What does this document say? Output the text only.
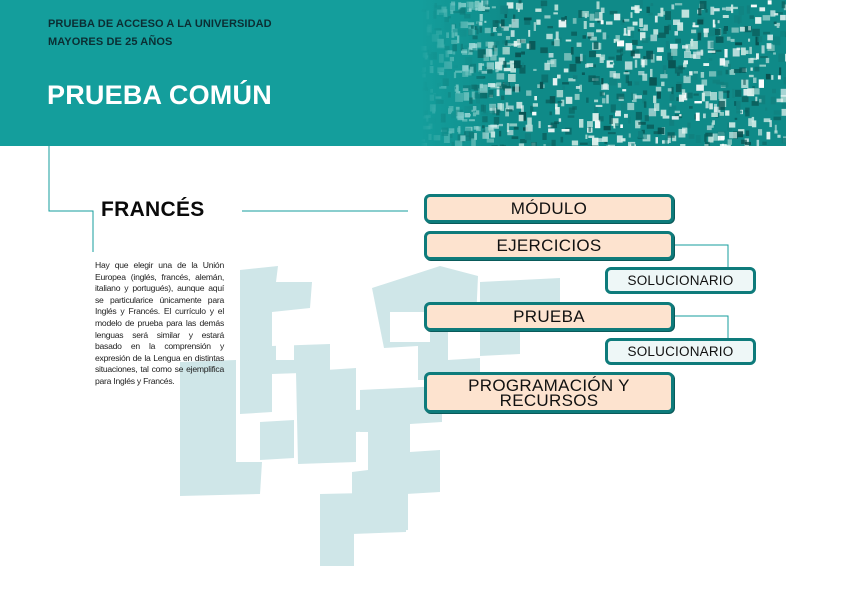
PRUEBA DE ACCESO A LA UNIVERSIDAD
MAYORES DE 25 AÑOS
PRUEBA COMÚN
FRANCÉS
Hay que elegir una de la Unión Europea (inglés, francés, alemán, italiano y portugués), aunque aquí se particularice únicamente para Inglés y Francés. El currículo y el modelo de prueba para las demás lenguas será similar y estará basado en la comprensión y expresión de la Lengua en distintas situaciones, tal como se ejemplifica para Inglés y Francés.
MÓDULO
EJERCICIOS
SOLUCIONARIO
PRUEBA
SOLUCIONARIO
PROGRAMACIÓN Y RECURSOS
